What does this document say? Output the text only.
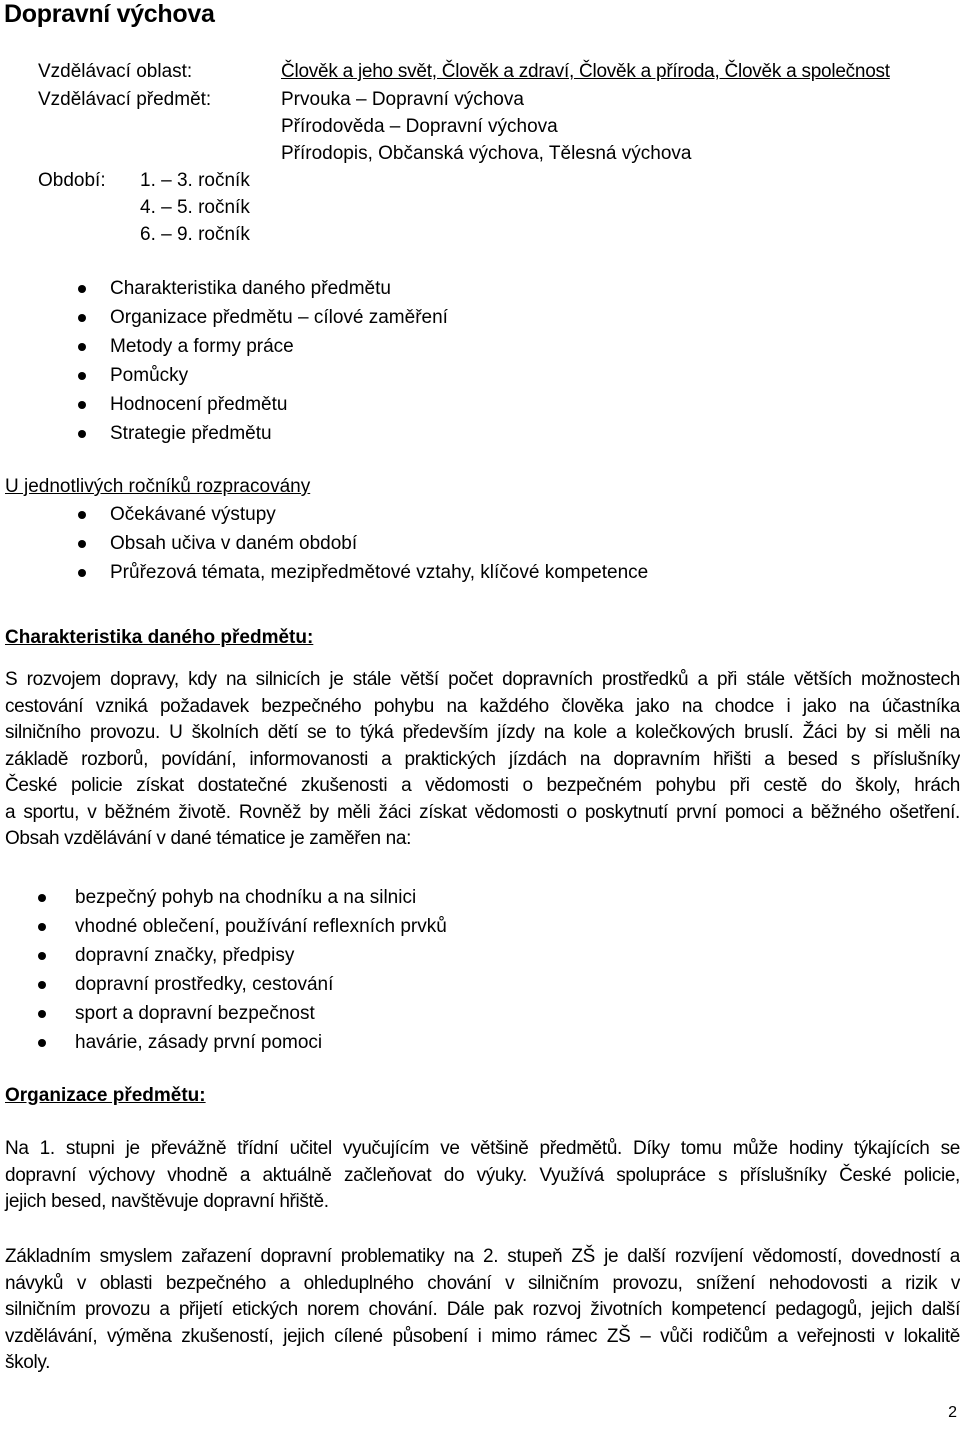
Dopravní výchova
Vzdělávací oblast:	Člověk a jeho svět, Člověk a zdraví, Člověk a příroda, Člověk a společnost
Vzdělávací předmět:	Prvouka – Dopravní výchova
Přírodověda – Dopravní výchova
Přírodopis, Občanská výchova, Tělesná výchova
Období: 1. – 3. ročník
4. – 5. ročník
6. – 9. ročník
Charakteristika daného předmětu
Organizace předmětu – cílové zaměření
Metody a formy práce
Pomůcky
Hodnocení předmětu
Strategie předmětu
U jednotlivých ročníků rozpracovány
Očekávané výstupy
Obsah učiva v daném období
Průřezová témata, mezipředmětové vztahy, klíčové kompetence
Charakteristika daného předmětu:
S rozvojem dopravy, kdy na silnicích je stále větší počet dopravních prostředků a při stále větších možnostech
cestování vzniká požadavek bezpečného pohybu na každého člověka jako na chodce i jako na účastníka
silničního provozu. U školních dětí se to týká především jízdy na kole a kolečkových bruslí. Žáci by si měli na
základě rozborů, povídání, informovanosti a praktických jízdách na dopravním hřišti a besed s příslušníky
České policie získat dostatečné zkušenosti a vědomosti o bezpečném pohybu při cestě do školy, hrách
a sportu, v běžném životě. Rovněž by měli žáci získat vědomosti o poskytnutí první pomoci a běžného ošetření.
Obsah vzdělávání v dané tématice je zaměřen na:
bezpečný pohyb na chodníku a na silnici
vhodné oblečení, používání reflexních prvků
dopravní značky, předpisy
dopravní prostředky, cestování
sport a dopravní bezpečnost
havárie, zásady první pomoci
Organizace předmětu:
Na 1. stupni je převážně třídní učitel vyučujícím ve většině předmětů. Díky tomu může hodiny týkajících se
dopravní výchovy vhodně a aktuálně začleňovat do výuky. Využívá spolupráce s příslušníky České policie,
jejich besed, navštěvuje dopravní hřiště.
Základním smyslem zařazení dopravní problematiky na 2. stupeň ZŠ je další rozvíjení vědomostí, dovedností a
návyků v oblasti bezpečného a ohleduplného chování v silničním provozu, snížení nehodovosti a rizik v
silničním provozu a přijetí etických norem chování. Dále pak rozvoj životních kompetencí pedagogů, jejich další
vzdělávání, výměna zkušeností, jejich cílené působení i mimo rámec ZŠ – vůči rodičům a veřejnosti v lokalitě
školy.
2
